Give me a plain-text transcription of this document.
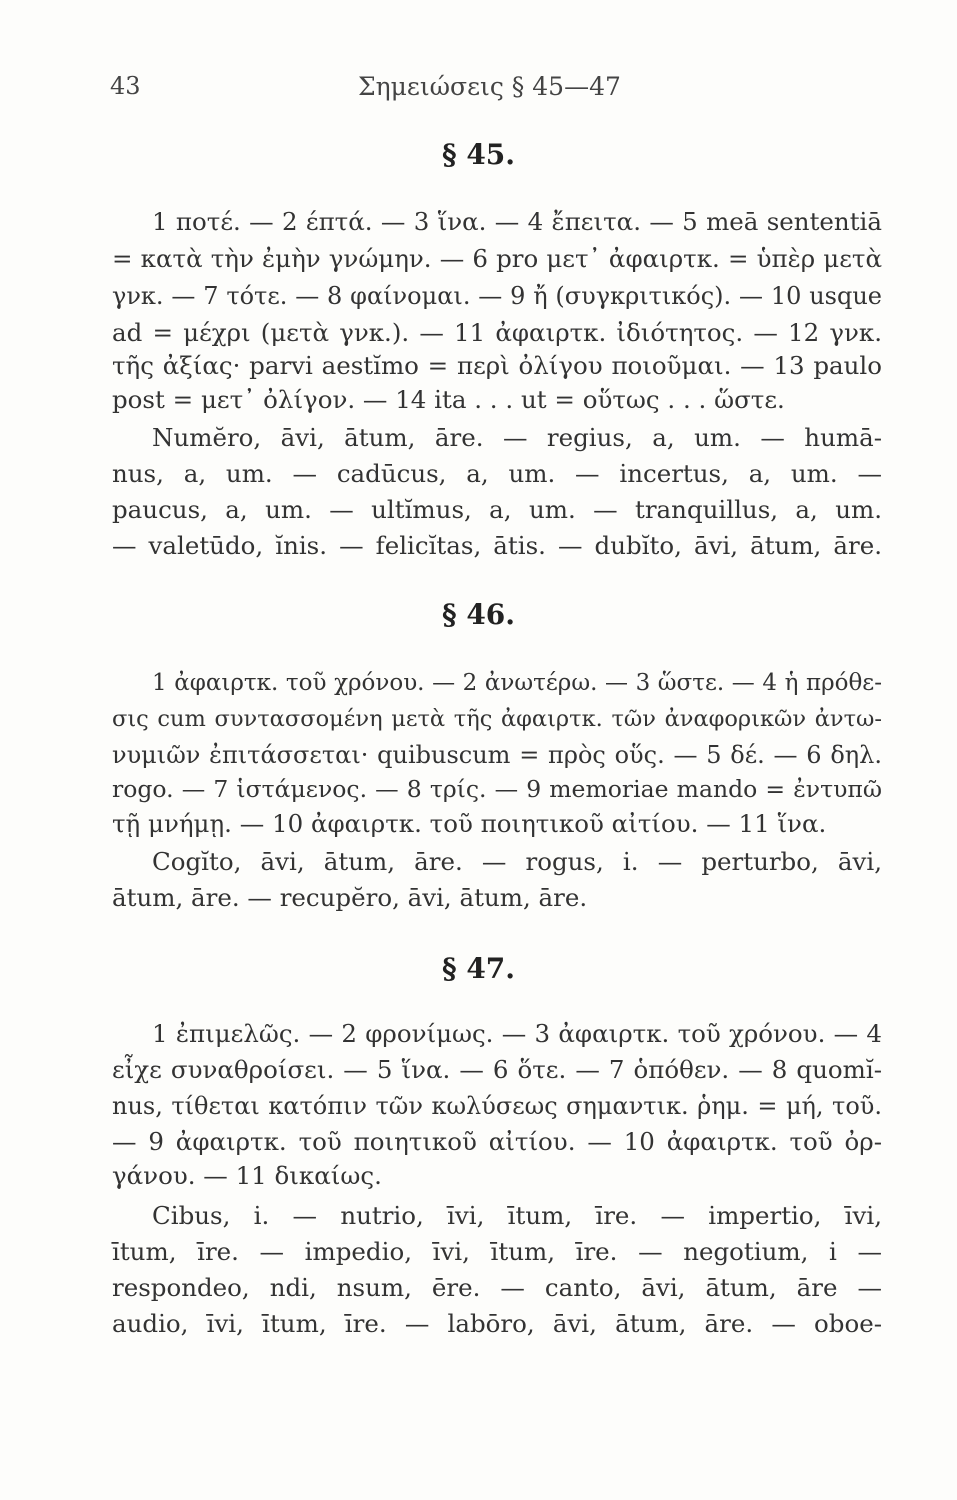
43	Σημειώσεις § 45—47
§ 45.
1 ποτέ. — 2 έπτά. — 3 ἵνα. — 4 ἔπειτα. — 5 meā sententiā
= κατὰ τὴν ἐμὴν γνώμην. — 6 pro μετ᾽ ἀφαιρτκ. = ὑπὲρ μετὰ
γνκ. — 7 τότε. — 8 φαίνομαι. — 9 ἤ (συγκριτικός). — 10 usque
ad = μέχρι (μετὰ γνκ.). — 11 ἀφαιρτκ. ἰδιότητος. — 12 γνκ.
τῆς ἀξίας· parvi aestĭmo = περὶ ὀλίγου ποιοῦμαι. — 13 paulo
post = μετ᾽ ὀλίγον. — 14 ita . . . ut = οὕτως . . . ὥστε.
Numĕro, āvi, ātum, āre. — regius, a, um. — humā-
nus, a, um. — cadūcus, a, um. — incertus, a, um. —
paucus, a, um. — ultĭmus, a, um. — tranquillus, a, um.
— valetūdo, ĭnis. — felicĭtas, ātis. — dubĭto, āvi, ātum, āre.
§ 46.
1 ἀφαιρτκ. τοῦ χρόνου. — 2 ἀνωτέρω. — 3 ὥστε. — 4 ἡ πρόθε-
σις cum συντασσομένη μετὰ τῆς ἀφαιρτκ. τῶν ἀναφορικῶν ἀντω-
νυμιῶν ἐπιτάσσεται· quibuscum = πρὸς οὕς. — 5 δέ. — 6 δηλ.
rogo. — 7 ἱστάμενος. — 8 τρίς. — 9 memoriae mando = ἐντυπῶ
τῇ μνήμῃ. — 10 ἀφαιρτκ. τοῦ ποιητικοῦ αἰτίου. — 11 ἵνα.
Cogĭto, āvi, ātum, āre. — rogus, i. — perturbo, āvi,
ātum, āre. — recupĕro, āvi, ātum, āre.
§ 47.
1 ἐπιμελῶς. — 2 φρονίμως. — 3 ἀφαιρτκ. τοῦ χρόνου. — 4
εἶχε συναθροίσει. — 5 ἵνα. — 6 ὅτε. — 7 ὁπόθεν. — 8 quomĭ-
nus, τίθεται κατόπιν τῶν κωλύσεως σημαντικ. ῥημ. = μή, τοῦ.
— 9 ἀφαιρτκ. τοῦ ποιητικοῦ αἰτίου. — 10 ἀφαιρτκ. τοῦ ὀρ-
γάνου. — 11 δικαίως.
Cibus, i. — nutrio, īvi, ītum, īre. — impertio, īvi,
ītum, īre. — impedio, īvi, ītum, īre. — negotium, i —
respondeo, ndi, nsum, ēre. — canto, āvi, ātum, āre —
audio, īvi, ītum, īre. — labōro, āvi, ātum, āre. — oboe-
